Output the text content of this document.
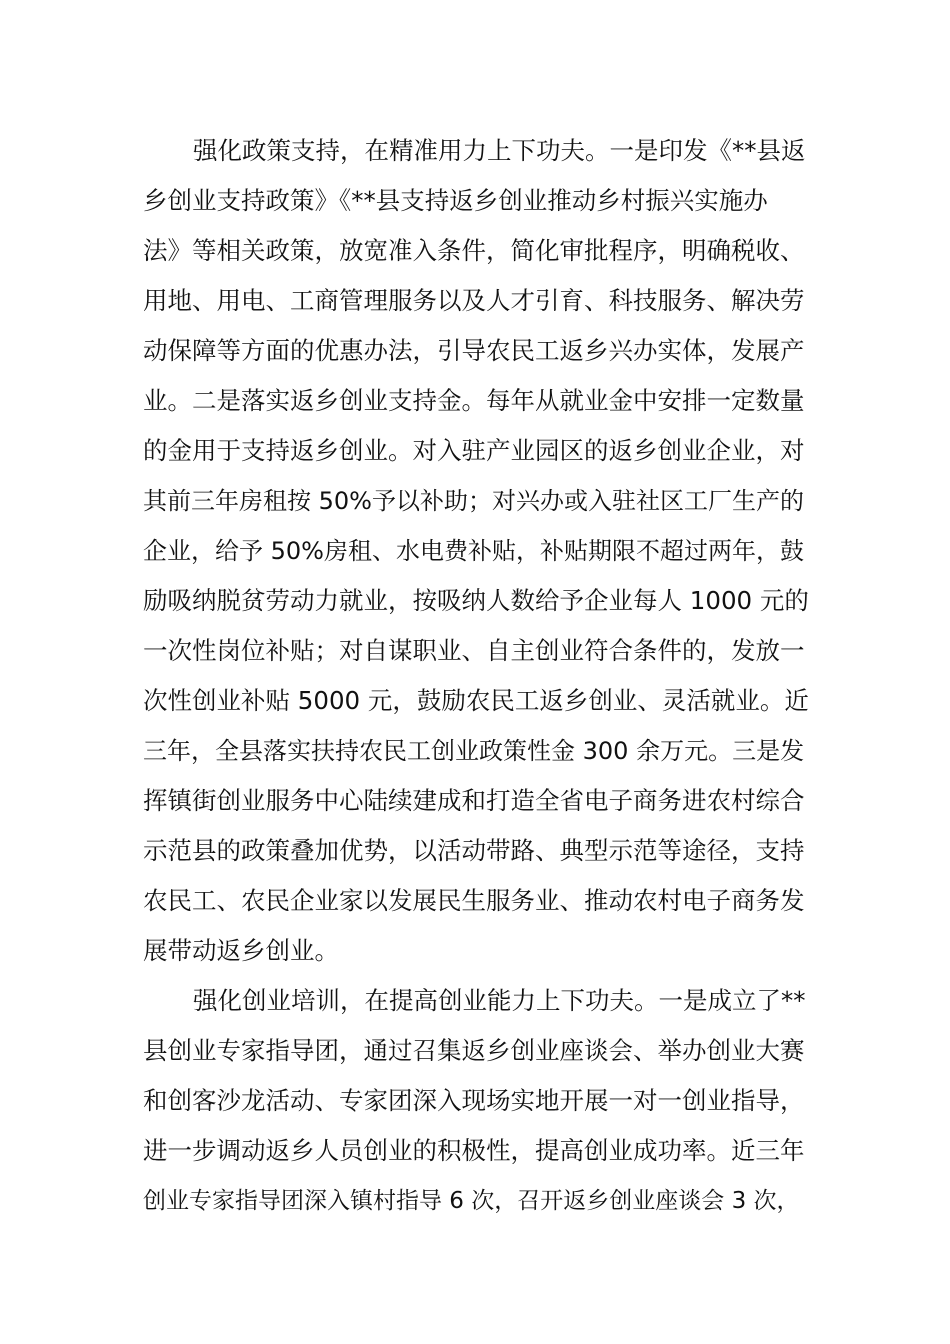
强化政策支持，在精准用力上下功夫。一是印发《**县返
乡创业支持政策》《**县支持返乡创业推动乡村振兴实施办
法》等相关政策，放宽准入条件，简化审批程序，明确税收、
用地、用电、工商管理服务以及人才引育、科技服务、解决劳
动保障等方面的优惠办法，引导农民工返乡兴办实体，发展产
业。二是落实返乡创业支持金。每年从就业金中安排一定数量
的金用于支持返乡创业。对入驻产业园区的返乡创业企业，对
其前三年房租按 50%予以补助；对兴办或入驻社区工厂生产的
企业，给予 50%房租、水电费补贴，补贴期限不超过两年，鼓
励吸纳脱贫劳动力就业，按吸纳人数给予企业每人 1000 元的
一次性岗位补贴；对自谋职业、自主创业符合条件的，发放一
次性创业补贴 5000 元，鼓励农民工返乡创业、灵活就业。近
三年，全县落实扶持农民工创业政策性金 300 余万元。三是发
挥镇街创业服务中心陆续建成和打造全省电子商务进农村综合
示范县的政策叠加优势，以活动带路、典型示范等途径，支持
农民工、农民企业家以发展民生服务业、推动农村电子商务发
展带动返乡创业。
强化创业培训，在提高创业能力上下功夫。一是成立了**
县创业专家指导团，通过召集返乡创业座谈会、举办创业大赛
和创客沙龙活动、专家团深入现场实地开展一对一创业指导，
进一步调动返乡人员创业的积极性，提高创业成功率。近三年
创业专家指导团深入镇村指导 6 次，召开返乡创业座谈会 3 次，
